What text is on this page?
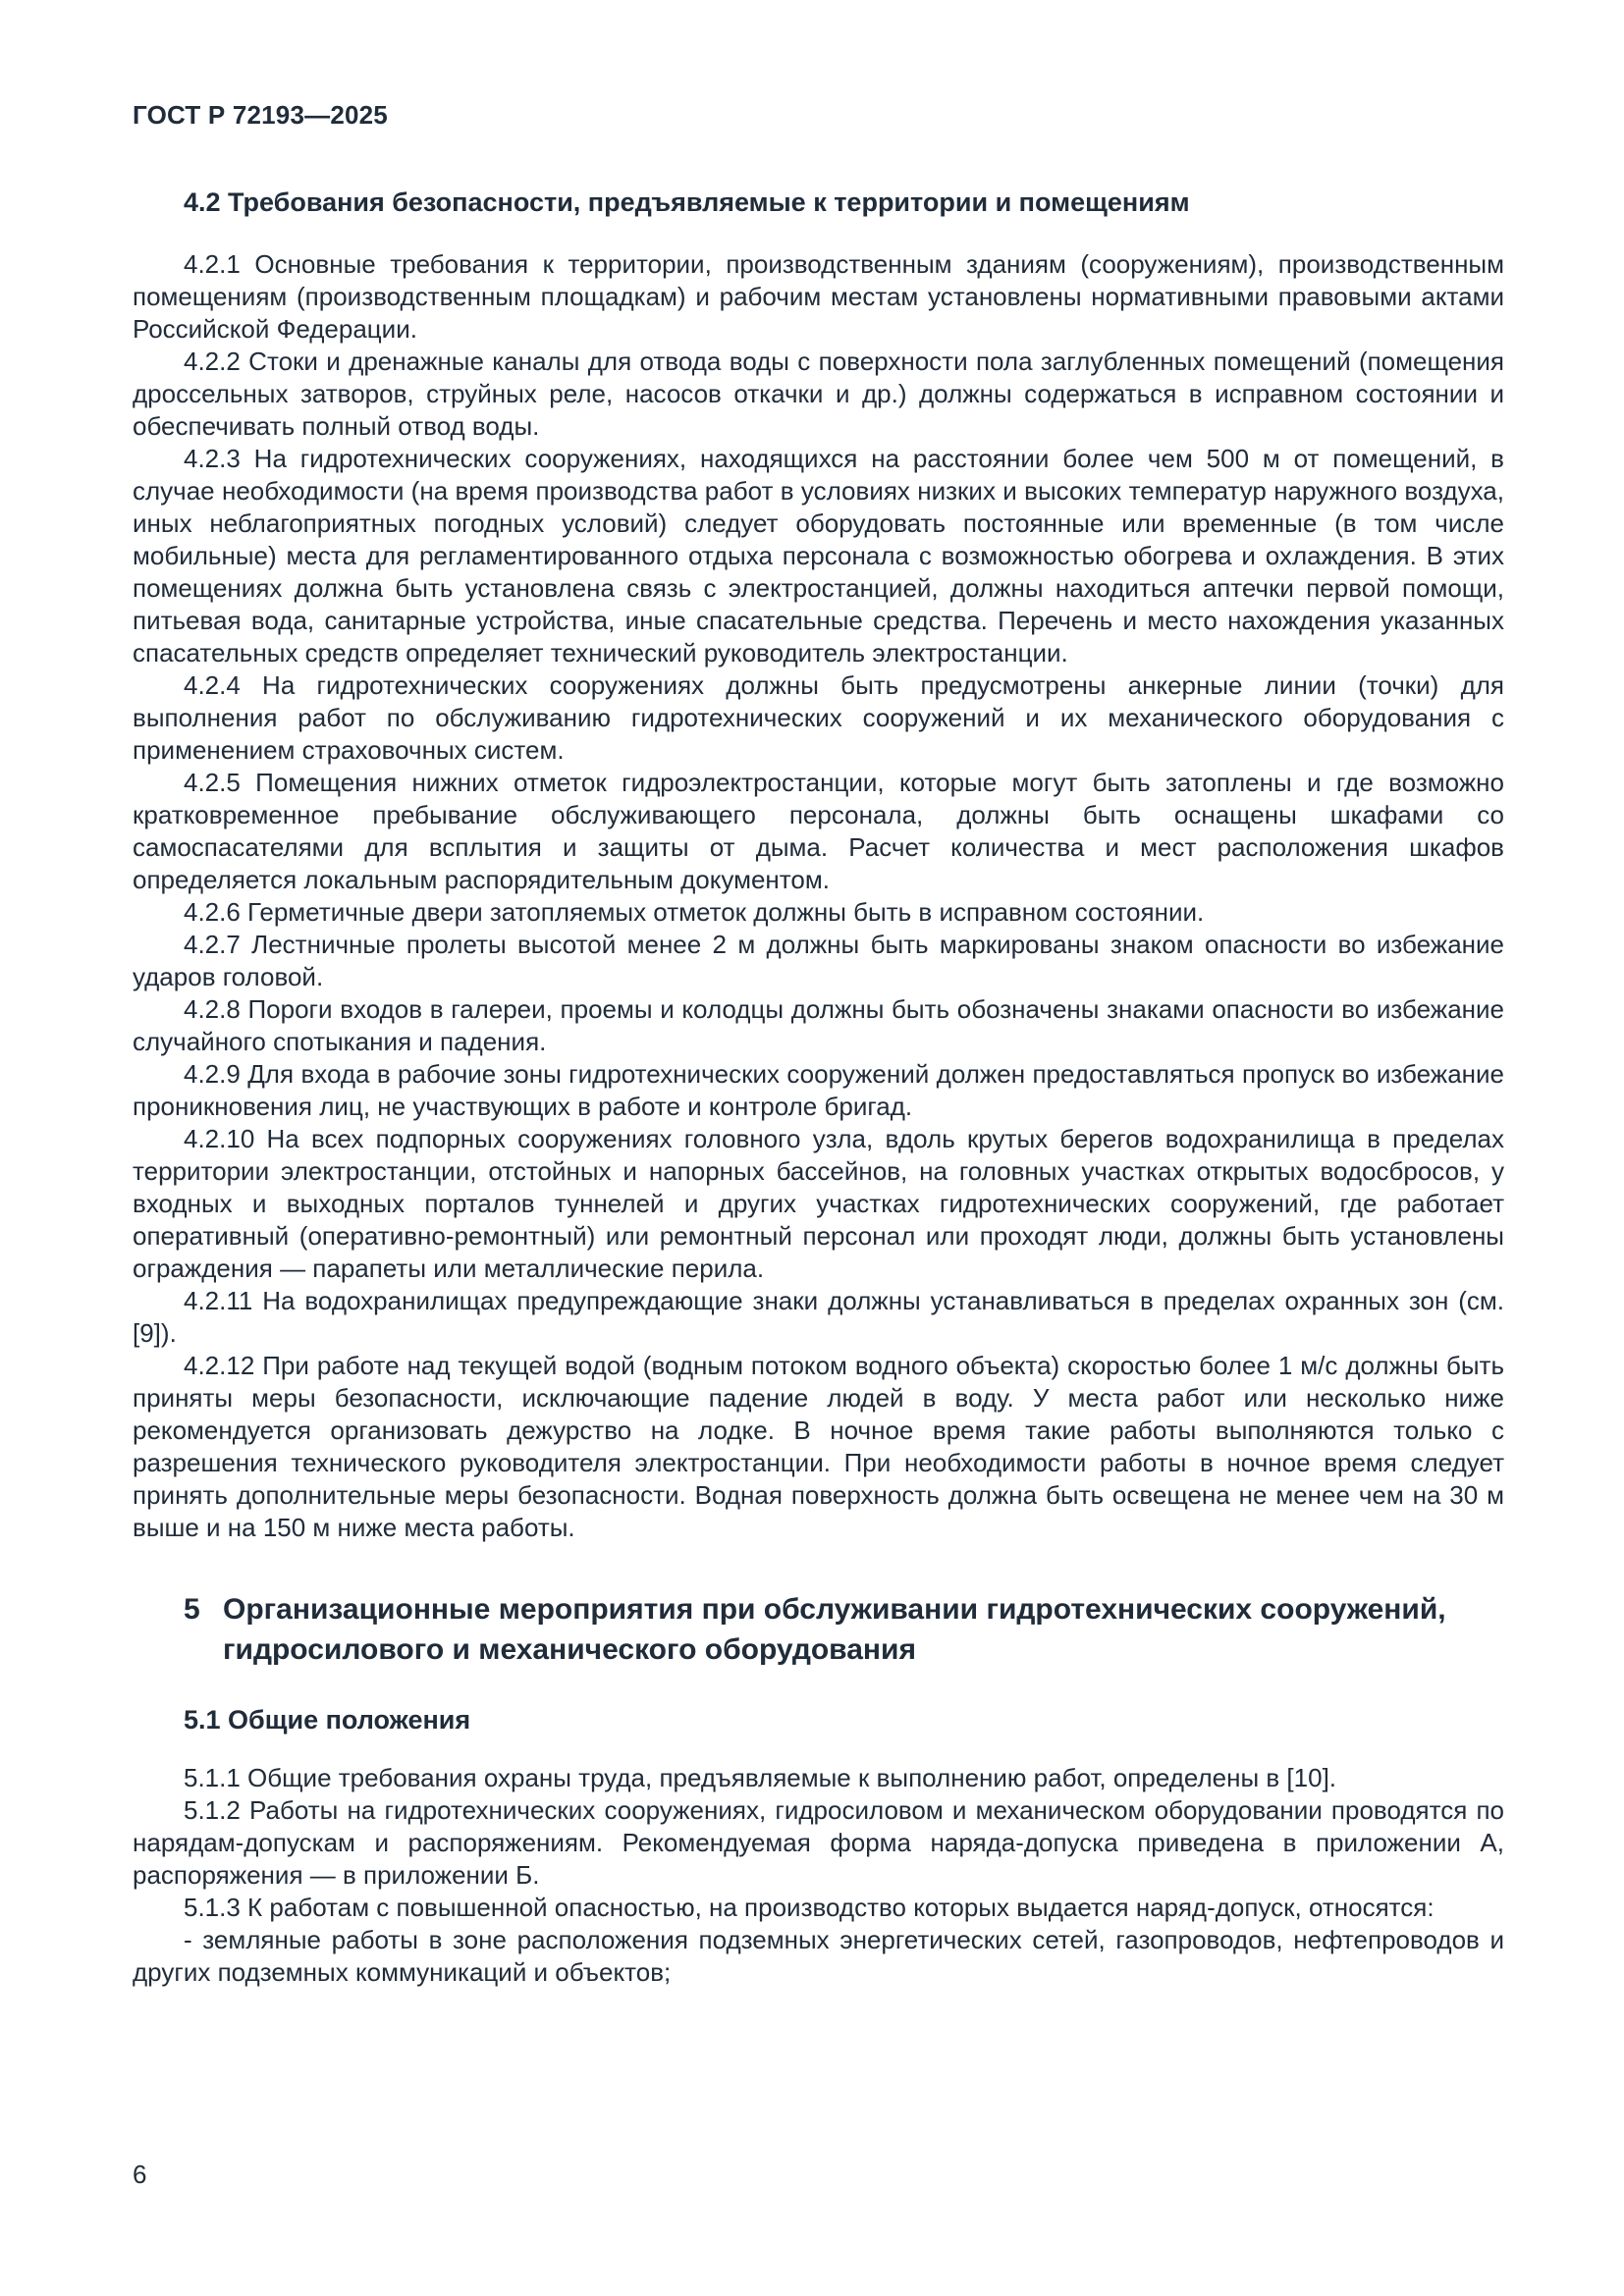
ГОСТ Р 72193—2025
4.2 Требования безопасности, предъявляемые к территории и помещениям

4.2.1 Основные требования к территории, производственным зданиям (сооружениям), производственным помещениям (производственным площадкам) и рабочим местам установлены нормативными правовыми актами Российской Федерации.

4.2.2 Стоки и дренажные каналы для отвода воды с поверхности пола заглубленных помещений (помещения дроссельных затворов, струйных реле, насосов откачки и др.) должны содержаться в исправном состоянии и обеспечивать полный отвод воды.

4.2.3 На гидротехнических сооружениях, находящихся на расстоянии более чем 500 м от помещений, в случае необходимости (на время производства работ в условиях низких и высоких температур наружного воздуха, иных неблагоприятных погодных условий) следует оборудовать постоянные или временные (в том числе мобильные) места для регламентированного отдыха персонала с возможностью обогрева и охлаждения. В этих помещениях должна быть установлена связь с электростанцией, должны находиться аптечки первой помощи, питьевая вода, санитарные устройства, иные спасательные средства. Перечень и место нахождения указанных спасательных средств определяет технический руководитель электростанции.

4.2.4 На гидротехнических сооружениях должны быть предусмотрены анкерные линии (точки) для выполнения работ по обслуживанию гидротехнических сооружений и их механического оборудования с применением страховочных систем.

4.2.5 Помещения нижних отметок гидроэлектростанции, которые могут быть затоплены и где возможно кратковременное пребывание обслуживающего персонала, должны быть оснащены шкафами со самоспасателями для всплытия и защиты от дыма. Расчет количества и мест расположения шкафов определяется локальным распорядительным документом.

4.2.6 Герметичные двери затопляемых отметок должны быть в исправном состоянии.

4.2.7 Лестничные пролеты высотой менее 2 м должны быть маркированы знаком опасности во избежание ударов головой.

4.2.8 Пороги входов в галереи, проемы и колодцы должны быть обозначены знаками опасности во избежание случайного спотыкания и падения.

4.2.9 Для входа в рабочие зоны гидротехнических сооружений должен предоставляться пропуск во избежание проникновения лиц, не участвующих в работе и контроле бригад.

4.2.10 На всех подпорных сооружениях головного узла, вдоль крутых берегов водохранилища в пределах территории электростанции, отстойных и напорных бассейнов, на головных участках открытых водосбросов, у входных и выходных порталов туннелей и других участках гидротехнических сооружений, где работает оперативный (оперативно-ремонтный) или ремонтный персонал или проходят люди, должны быть установлены ограждения — парапеты или металлические перила.

4.2.11 На водохранилищах предупреждающие знаки должны устанавливаться в пределах охранных зон (см. [9]).

4.2.12 При работе над текущей водой (водным потоком водного объекта) скоростью более 1 м/с должны быть приняты меры безопасности, исключающие падение людей в воду. У места работ или несколько ниже рекомендуется организовать дежурство на лодке. В ночное время такие работы выполняются только с разрешения технического руководителя электростанции. При необходимости работы в ночное время следует принять дополнительные меры безопасности. Водная поверхность должна быть освещена не менее чем на 30 м выше и на 150 м ниже места работы.

5 Организационные мероприятия при обслуживании гидротехнических сооружений, гидросилового и механического оборудования
5.1 Общие положения

5.1.1 Общие требования охраны труда, предъявляемые к выполнению работ, определены в [10].

5.1.2 Работы на гидротехнических сооружениях, гидросиловом и механическом оборудовании проводятся по нарядам-допускам и распоряжениям. Рекомендуемая форма наряда-допуска приведена в приложении А, распоряжения — в приложении Б.

5.1.3 К работам с повышенной опасностью, на производство которых выдается наряд-допуск, относятся:

- земляные работы в зоне расположения подземных энергетических сетей, газопроводов, нефтепроводов и других подземных коммуникаций и объектов;

6
